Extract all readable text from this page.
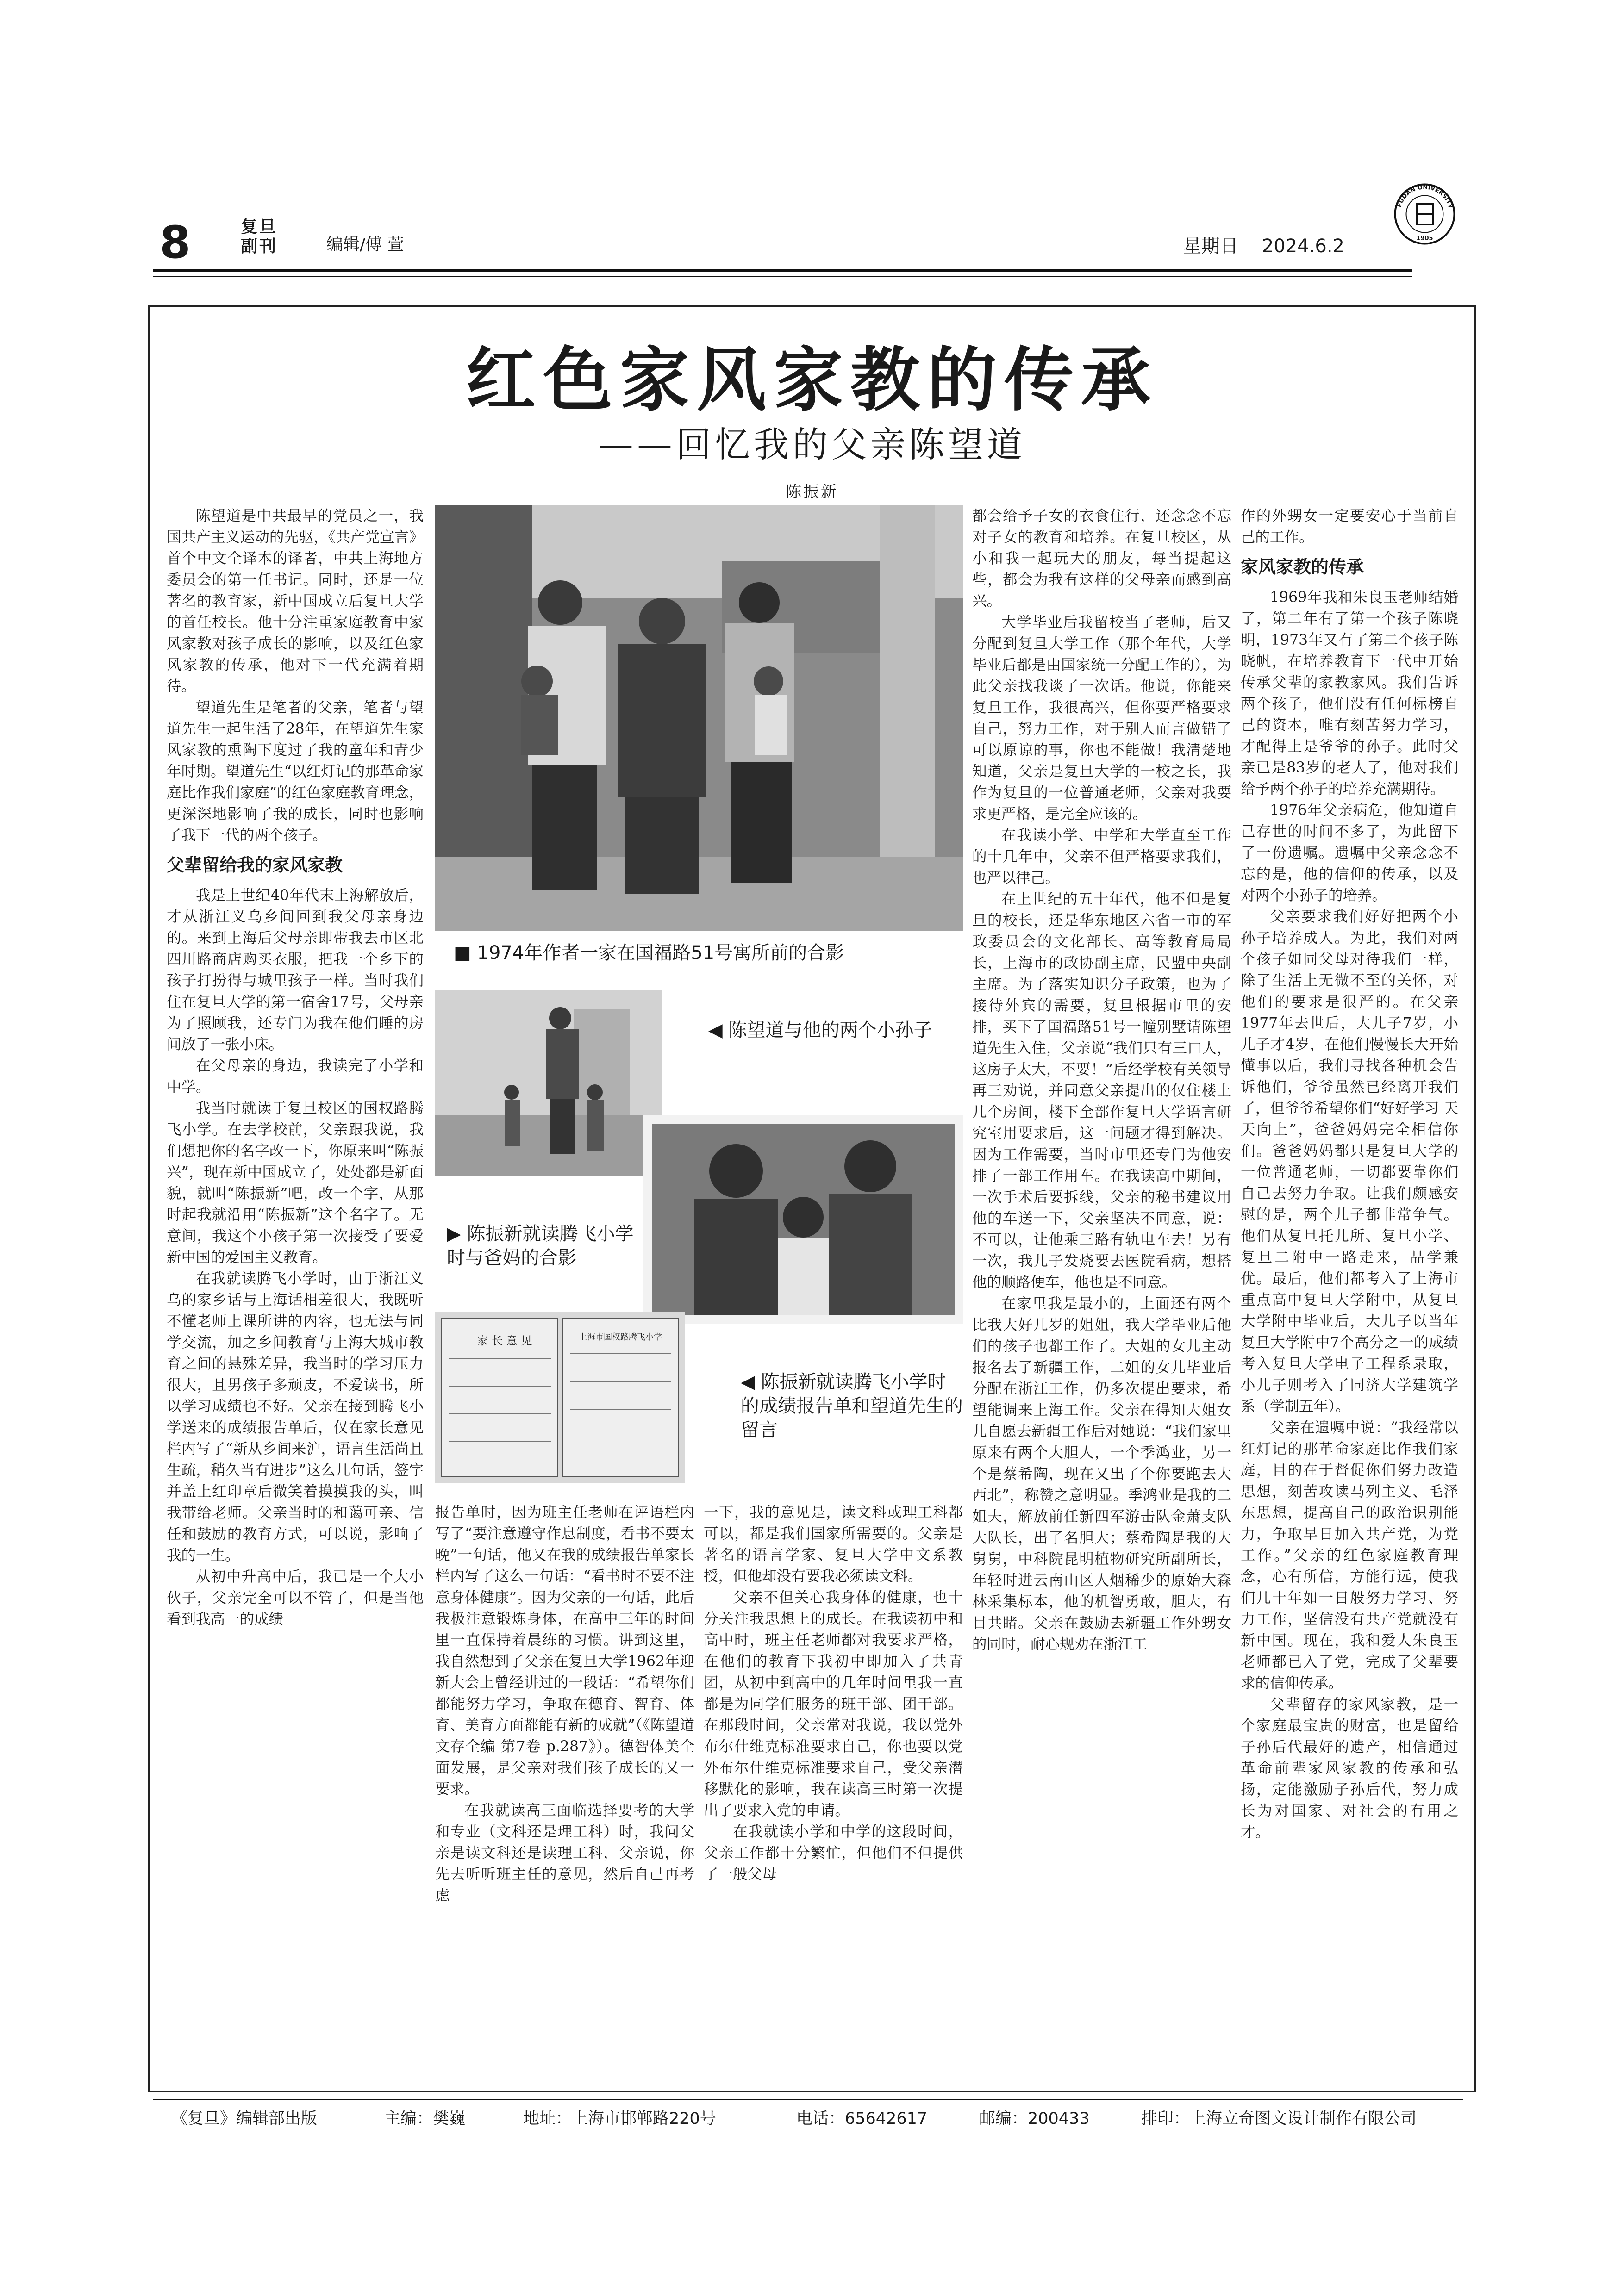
8	复旦
副刊	编辑/傅 萱	星期日 2024.6.2
FUDAN UNIVERSITY
1905
红色家风家教的传承
——回忆我的父亲陈望道
陈振新

陈望道是中共最早的党员之一，我国共产主义运动的先驱，《共产党宣言》首个中文全译本的译者，中共上海地方委员会的第一任书记。同时，还是一位著名的教育家，新中国成立后复旦大学的首任校长。他十分注重家庭教育中家风家教对孩子成长的影响，以及红色家风家教的传承，他对下一代充满着期待。

望道先生是笔者的父亲，笔者与望道先生一起生活了28年，在望道先生家风家教的熏陶下度过了我的童年和青少年时期。望道先生“以红灯记的那革命家庭比作我们家庭”的红色家庭教育理念，更深深地影响了我的成长，同时也影响了我下一代的两个孩子。

父辈留给我的家风家教

我是上世纪40年代末上海解放后，才从浙江义乌乡间回到我父母亲身边的。来到上海后父母亲即带我去市区北四川路商店购买衣服，把我一个乡下的孩子打扮得与城里孩子一样。当时我们住在复旦大学的第一宿舍17号，父母亲为了照顾我，还专门为我在他们睡的房间放了一张小床。

在父母亲的身边，我读完了小学和中学。

我当时就读于复旦校区的国权路腾飞小学。在去学校前，父亲跟我说，我们想把你的名字改一下，你原来叫“陈振兴”，现在新中国成立了，处处都是新面貌，就叫“陈振新”吧，改一个字，从那时起我就沿用“陈振新”这个名字了。无意间，我这个小孩子第一次接受了要爱新中国的爱国主义教育。

在我就读腾飞小学时，由于浙江义乌的家乡话与上海话相差很大，我既听不懂老师上课所讲的内容，也无法与同学交流，加之乡间教育与上海大城市教育之间的悬殊差异，我当时的学习压力很大，且男孩子多顽皮，不爱读书，所以学习成绩也不好。父亲在接到腾飞小学送来的成绩报告单后，仅在家长意见栏内写了“新从乡间来沪，语言生活尚且生疏，稍久当有进步”这么几句话，签字并盖上红印章后微笑着摸摸我的头，叫我带给老师。父亲当时的和蔼可亲、信任和鼓励的教育方式，可以说，影响了我的一生。

从初中升高中后，我已是一个大小伙子，父亲完全可以不管了，但是当他看到我高一的成绩

■ 1974年作者一家在国福路51号寓所前的合影
◀ 陈望道与他的两个小孙子
▶ 陈振新就读腾飞小学时与爸妈的合影
家 长 意 见	上海市国权路腾飞小学
◀ 陈振新就读腾飞小学时的成绩报告单和望道先生的留言

报告单时，因为班主任老师在评语栏内写了“要注意遵守作息制度，看书不要太晚”一句话，他又在我的成绩报告单家长栏内写了这么一句话：“看书时不要不注意身体健康”。因为父亲的一句话，此后我极注意锻炼身体，在高中三年的时间里一直保持着晨练的习惯。讲到这里，我自然想到了父亲在复旦大学1962年迎新大会上曾经讲过的一段话：“希望你们都能努力学习，争取在德育、智育、体育、美育方面都能有新的成就”（《陈望道文存全编 第7卷 p.287》）。德智体美全面发展，是父亲对我们孩子成长的又一要求。

在我就读高三面临选择要考的大学和专业（文科还是理工科）时，我问父亲是读文科还是读理工科，父亲说，你先去听听班主任的意见，然后自己再考虑

一下，我的意见是，读文科或理工科都可以，都是我们国家所需要的。父亲是著名的语言学家、复旦大学中文系教授，但他却没有要我必须读文科。

父亲不但关心我身体的健康，也十分关注我思想上的成长。在我读初中和高中时，班主任老师都对我要求严格，在他们的教育下我初中即加入了共青团，从初中到高中的几年时间里我一直都是为同学们服务的班干部、团干部。在那段时间，父亲常对我说，我以党外布尔什维克标准要求自己，你也要以党外布尔什维克标准要求自己，受父亲潜移默化的影响，我在读高三时第一次提出了要求入党的申请。

在我就读小学和中学的这段时间，父亲工作都十分繁忙，但他们不但提供了一般父母

都会给予子女的衣食住行，还念念不忘对子女的教育和培养。在复旦校区，从小和我一起玩大的朋友，每当提起这些，都会为我有这样的父母亲而感到高兴。

大学毕业后我留校当了老师，后又分配到复旦大学工作（那个年代，大学毕业后都是由国家统一分配工作的），为此父亲找我谈了一次话。他说，你能来复旦工作，我很高兴，但你要严格要求自己，努力工作，对于别人而言做错了可以原谅的事，你也不能做！我清楚地知道，父亲是复旦大学的一校之长，我作为复旦的一位普通老师，父亲对我要求更严格，是完全应该的。

在我读小学、中学和大学直至工作的十几年中，父亲不但严格要求我们，也严以律己。

在上世纪的五十年代，他不但是复旦的校长，还是华东地区六省一市的军政委员会的文化部长、高等教育局局长，上海市的政协副主席，民盟中央副主席。为了落实知识分子政策，也为了接待外宾的需要，复旦根据市里的安排，买下了国福路51号一幢别墅请陈望道先生入住，父亲说“我们只有三口人，这房子太大，不要！”后经学校有关领导再三劝说，并同意父亲提出的仅住楼上几个房间，楼下全部作复旦大学语言研究室用要求后，这一问题才得到解决。因为工作需要，当时市里还专门为他安排了一部工作用车。在我读高中期间，一次手术后要拆线，父亲的秘书建议用他的车送一下，父亲坚决不同意，说：不可以，让他乘三路有轨电车去！另有一次，我儿子发烧要去医院看病，想搭他的顺路便车，他也是不同意。

在家里我是最小的，上面还有两个比我大好几岁的姐姐，我大学毕业后他们的孩子也都工作了。大姐的女儿主动报名去了新疆工作，二姐的女儿毕业后分配在浙江工作，仍多次提出要求，希望能调来上海工作。父亲在得知大姐女儿自愿去新疆工作后对她说：“我们家里原来有两个大胆人，一个季鸿业，另一个是蔡希陶，现在又出了个你要跑去大西北”，称赞之意明显。季鸿业是我的二姐夫，解放前任新四军游击队金萧支队大队长，出了名胆大；蔡希陶是我的大舅舅，中科院昆明植物研究所副所长，年轻时进云南山区人烟稀少的原始大森林采集标本，他的机智勇敢，胆大，有目共睹。父亲在鼓励去新疆工作外甥女的同时，耐心规劝在浙江工

作的外甥女一定要安心于当前自己的工作。

家风家教的传承

1969年我和朱良玉老师结婚了，第二年有了第一个孩子陈晓明，1973年又有了第二个孩子陈晓帆，在培养教育下一代中开始传承父辈的家教家风。我们告诉两个孩子，他们没有任何标榜自己的资本，唯有刻苦努力学习，才配得上是爷爷的孙子。此时父亲已是83岁的老人了，他对我们给予两个孙子的培养充满期待。

1976年父亲病危，他知道自己存世的时间不多了，为此留下了一份遗嘱。遗嘱中父亲念念不忘的是，他的信仰的传承，以及对两个小孙子的培养。

父亲要求我们好好把两个小孙子培养成人。为此，我们对两个孩子如同父母对待我们一样，除了生活上无微不至的关怀，对他们的要求是很严的。在父亲1977年去世后，大儿子7岁，小儿子才4岁，在他们慢慢长大开始懂事以后，我们寻找各种机会告诉他们，爷爷虽然已经离开我们了，但爷爷希望你们“好好学习 天天向上”，爸爸妈妈完全相信你们。爸爸妈妈都只是复旦大学的一位普通老师，一切都要靠你们自己去努力争取。让我们颇感安慰的是，两个儿子都非常争气。他们从复旦托儿所、复旦小学、复旦二附中一路走来，品学兼优。最后，他们都考入了上海市重点高中复旦大学附中，从复旦大学附中毕业后，大儿子以当年复旦大学附中7个高分之一的成绩考入复旦大学电子工程系录取，小儿子则考入了同济大学建筑学系（学制五年）。

父亲在遗嘱中说：“我经常以红灯记的那革命家庭比作我们家庭，目的在于督促你们努力改造思想，刻苦攻读马列主义、毛泽东思想，提高自己的政治识别能力，争取早日加入共产党，为党工作。”父亲的红色家庭教育理念，心有所信，方能行远，使我们几十年如一日般努力学习、努力工作，坚信没有共产党就没有新中国。现在，我和爱人朱良玉老师都已入了党，完成了父辈要求的信仰传承。

父辈留存的家风家教，是一个家庭最宝贵的财富，也是留给子孙后代最好的遗产，相信通过革命前辈家风家教的传承和弘扬，定能激励子孙后代，努力成长为对国家、对社会的有用之才。

《复旦》编辑部出版	主编：樊巍	地址：上海市邯郸路220号	电话：65642617	邮编：200433	排印：上海立奇图文设计制作有限公司
